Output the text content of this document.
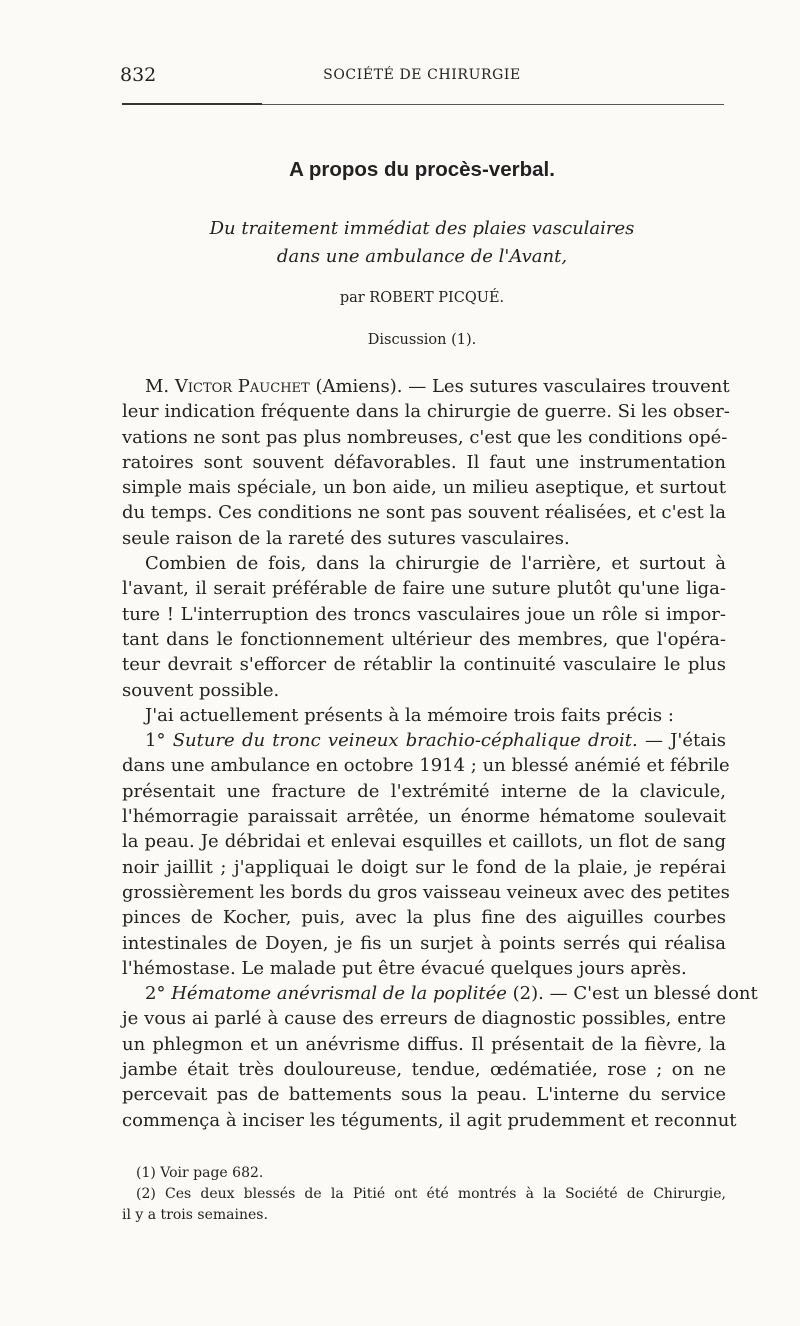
832	SOCIÉTÉ DE CHIRURGIE
A propos du procès-verbal.
Du traitement immédiat des plaies vasculaires
dans une ambulance de l'Avant,
par ROBERT PICQUÉ.
Discussion (1).
M. Victor Pauchet (Amiens). — Les sutures vasculaires trouvent
leur indication fréquente dans la chirurgie de guerre. Si les obser-
vations ne sont pas plus nombreuses, c'est que les conditions opé-
ratoires sont souvent défavorables. Il faut une instrumentation
simple mais spéciale, un bon aide, un milieu aseptique, et surtout
du temps. Ces conditions ne sont pas souvent réalisées, et c'est la
seule raison de la rareté des sutures vasculaires.
Combien de fois, dans la chirurgie de l'arrière, et surtout à
l'avant, il serait préférable de faire une suture plutôt qu'une liga-
ture ! L'interruption des troncs vasculaires joue un rôle si impor-
tant dans le fonctionnement ultérieur des membres, que l'opéra-
teur devrait s'efforcer de rétablir la continuité vasculaire le plus
souvent possible.
J'ai actuellement présents à la mémoire trois faits précis :
1° Suture du tronc veineux brachio-céphalique droit. — J'étais
dans une ambulance en octobre 1914 ; un blessé anémié et fébrile
présentait une fracture de l'extrémité interne de la clavicule,
l'hémorragie paraissait arrêtée, un énorme hématome soulevait
la peau. Je débridai et enlevai esquilles et caillots, un flot de sang
noir jaillit ; j'appliquai le doigt sur le fond de la plaie, je repérai
grossièrement les bords du gros vaisseau veineux avec des petites
pinces de Kocher, puis, avec la plus fine des aiguilles courbes
intestinales de Doyen, je fis un surjet à points serrés qui réalisa
l'hémostase. Le malade put être évacué quelques jours après.
2° Hématome anévrismal de la poplitée (2). — C'est un blessé dont
je vous ai parlé à cause des erreurs de diagnostic possibles, entre
un phlegmon et un anévrisme diffus. Il présentait de la fièvre, la
jambe était très douloureuse, tendue, œdématiée, rose ; on ne
percevait pas de battements sous la peau. L'interne du service
commença à inciser les téguments, il agit prudemment et reconnut
(1) Voir page 682.
(2) Ces deux blessés de la Pitié ont été montrés à la Société de Chirurgie,
il y a trois semaines.
